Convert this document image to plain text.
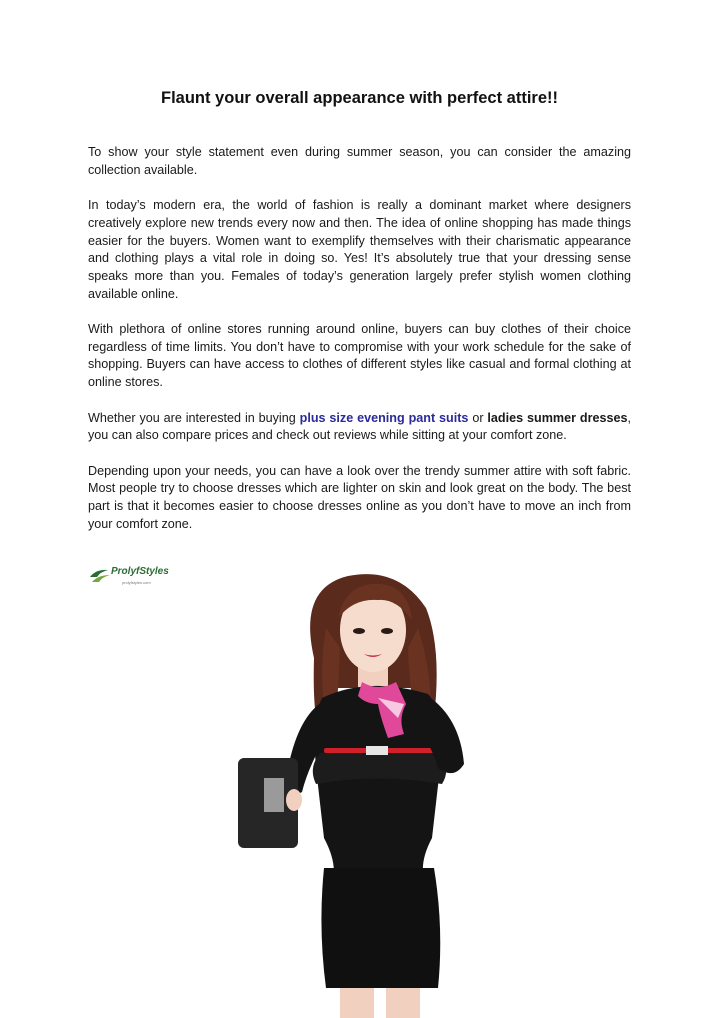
Flaunt your overall appearance with perfect attire!!

To show your style statement even during summer season, you can consider the amazing collection available.

In today’s modern era, the world of fashion is really a dominant market where designers creatively explore new trends every now and then. The idea of online shopping has made things easier for the buyers. Women want to exemplify themselves with their charismatic appearance and clothing plays a vital role in doing so. Yes! It’s absolutely true that your dressing sense speaks more than you. Females of today’s generation largely prefer stylish women clothing available online.

With plethora of online stores running around online, buyers can buy clothes of their choice regardless of time limits. You don’t have to compromise with your work schedule for the sake of shopping. Buyers can have access to clothes of different styles like casual and formal clothing at online stores.

Whether you are interested in buying plus size evening pant suits or ladies summer dresses, you can also compare prices and check out reviews while sitting at your comfort zone.

Depending upon your needs, you can have a look over the trendy summer attire with soft fabric. Most people try to choose dresses which are lighter on skin and look great on the body. The best part is that it becomes easier to choose dresses online as you don’t have to move an inch from your comfort zone.

ProlyfStyles
prolyfstyles.com
